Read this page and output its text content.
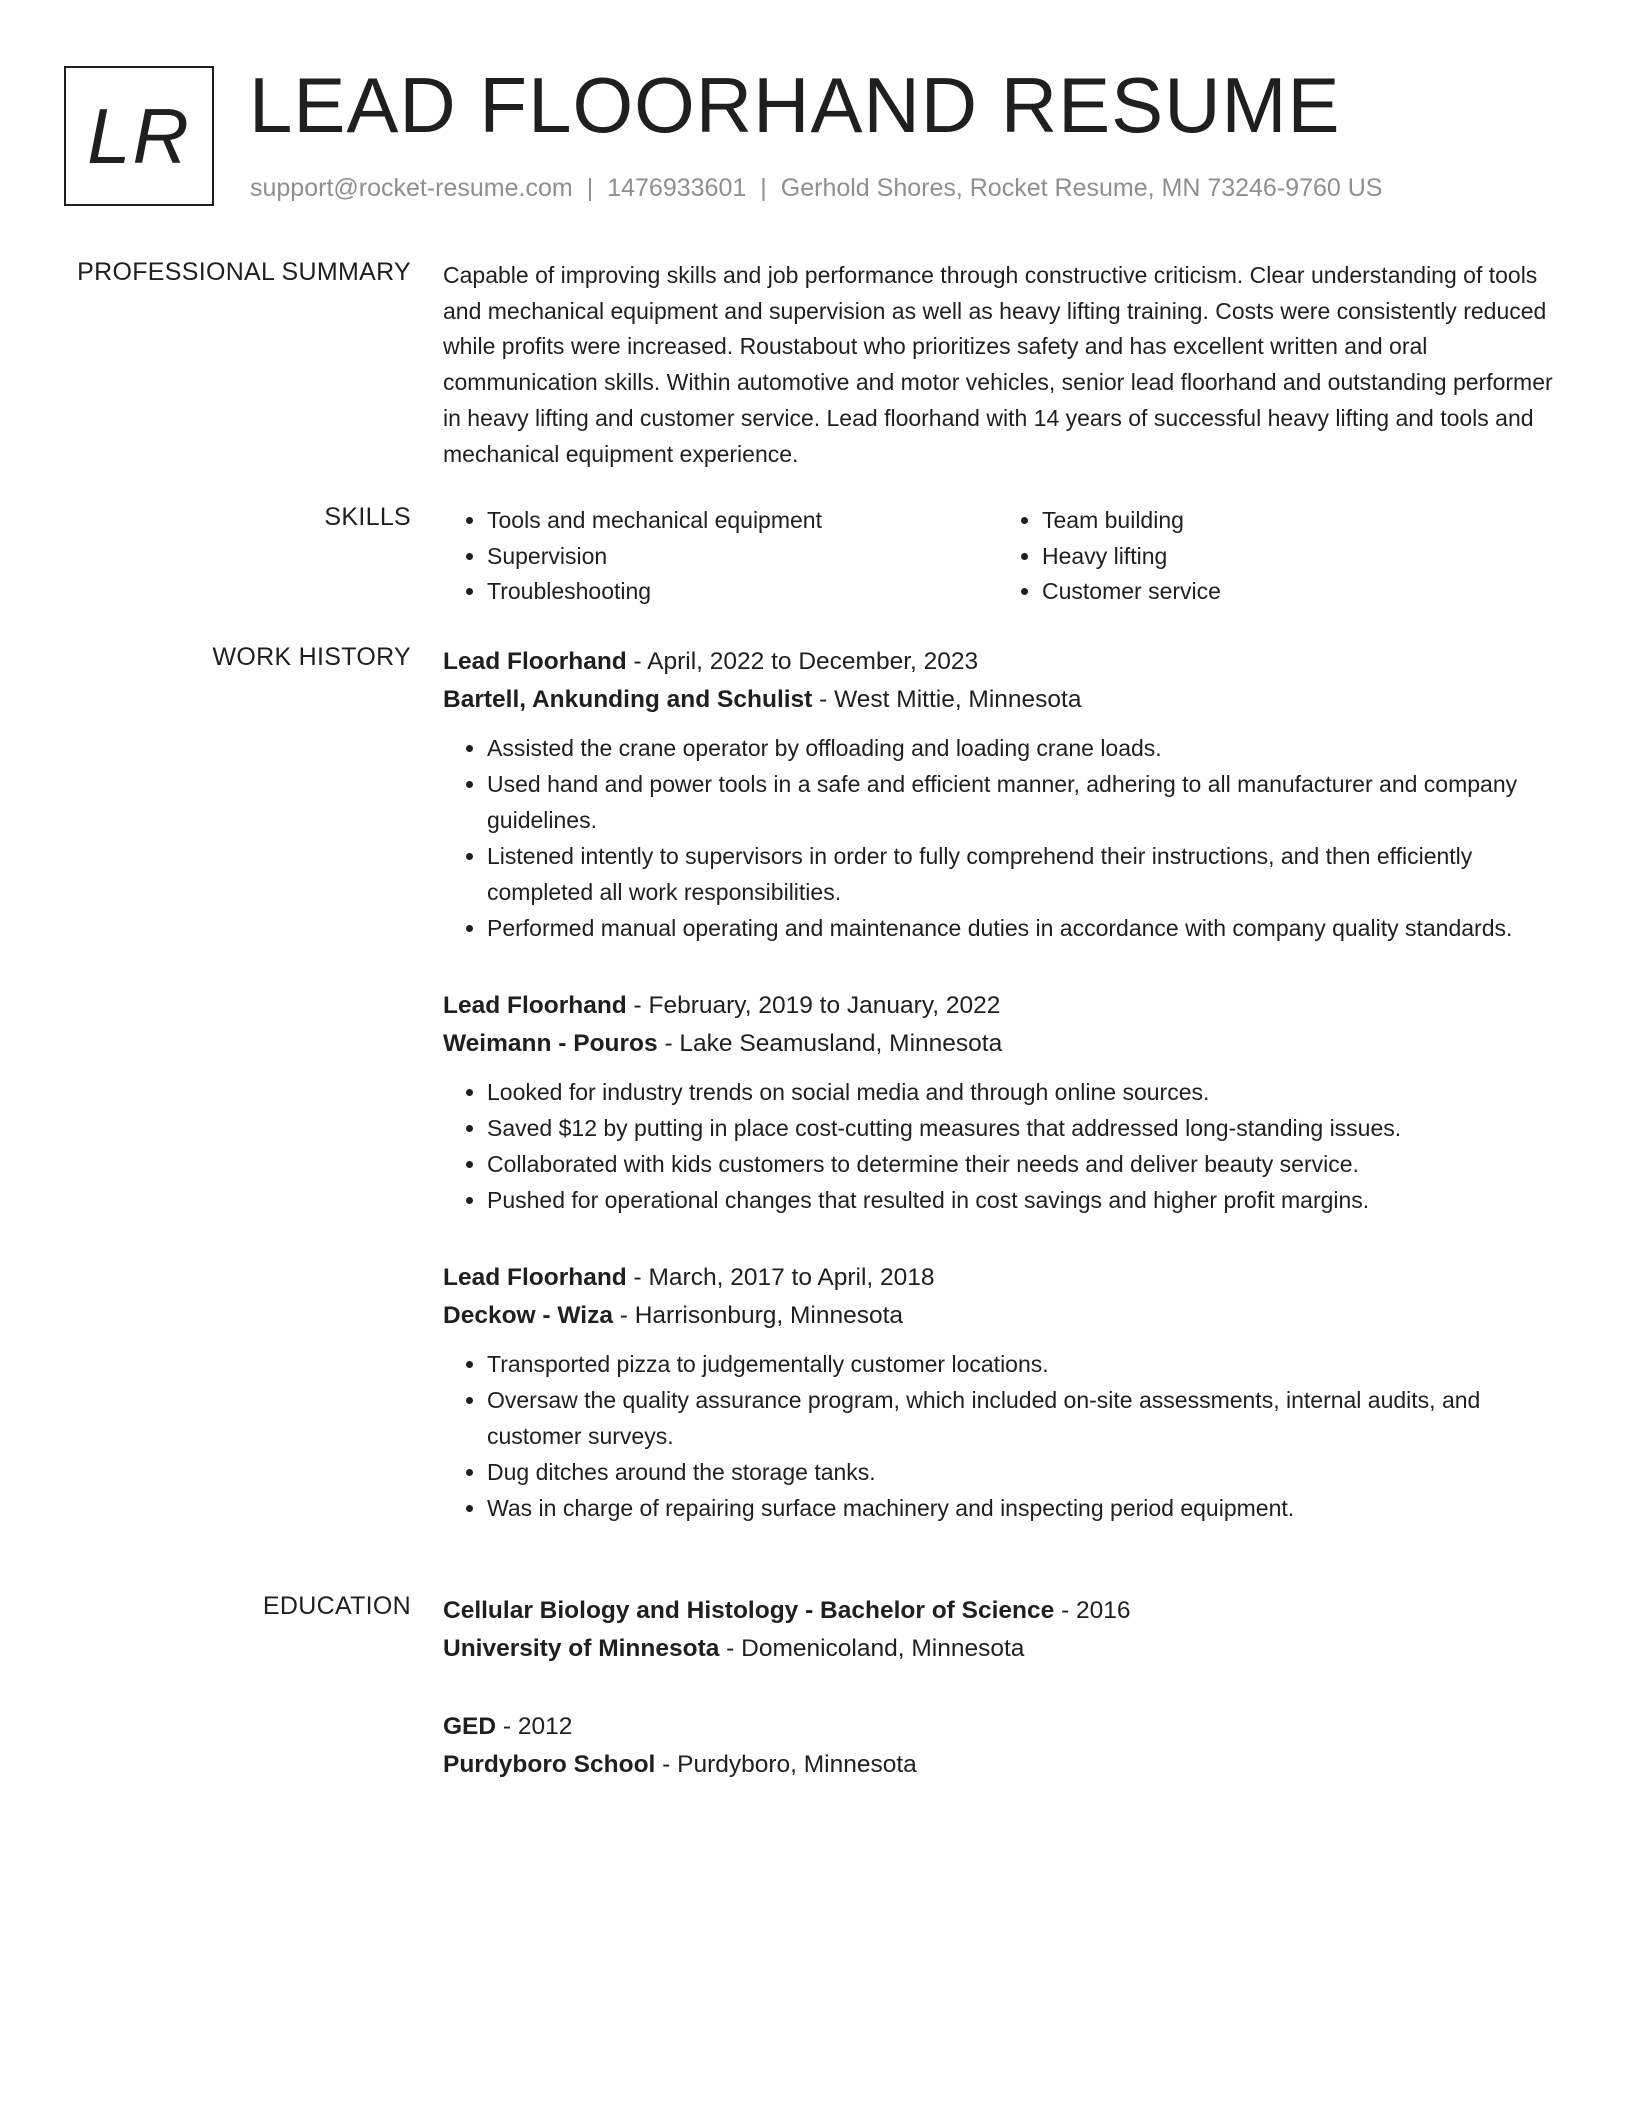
LR LEAD FLOORHAND RESUME
support@rocket-resume.com | 1476933601 | Gerhold Shores, Rocket Resume, MN 73246-9760 US
PROFESSIONAL SUMMARY Capable of improving skills and job performance through constructive criticism. Clear understanding of tools and mechanical equipment and supervision as well as heavy lifting training. Costs were consistently reduced while profits were increased. Roustabout who prioritizes safety and has excellent written and oral communication skills. Within automotive and motor vehicles, senior lead floorhand and outstanding performer in heavy lifting and customer service. Lead floorhand with 14 years of successful heavy lifting and tools and mechanical equipment experience.

SKILLS
•	Tools and mechanical equipment
• Supervision
• Troubleshooting
• Team building
• Heavy lifting
• Customer service
WORK HISTORY Lead Floorhand - April, 2022 to December, 2023
Bartell, Ankunding and Schulist - West Mittie, Minnesota
• Assisted the crane operator by offloading and loading crane loads.
• Used hand and power tools in a safe and efficient manner, adhering to all manufacturer and company guidelines.
• Listened intently to supervisors in order to fully comprehend their instructions, and then efficiently completed all work responsibilities.
• Performed manual operating and maintenance duties in accordance with company quality standards.
Lead Floorhand - February, 2019 to January, 2022
Weimann - Pouros - Lake Seamusland, Minnesota
• Looked for industry trends on social media and through online sources.
• Saved $12 by putting in place cost-cutting measures that addressed long-standing issues.
• Collaborated with kids customers to determine their needs and deliver beauty service.
• Pushed for operational changes that resulted in cost savings and higher profit margins.
Lead Floorhand - March, 2017 to April, 2018
Deckow - Wiza - Harrisonburg, Minnesota
• Transported pizza to judgementally customer locations.
• Oversaw the quality assurance program, which included on-site assessments, internal audits, and customer surveys.
• Dug ditches around the storage tanks.
• Was in charge of repairing surface machinery and inspecting period equipment.
EDUCATION Cellular Biology and Histology - Bachelor of Science - 2016
University of Minnesota - Domenicoland, Minnesota
GED - 2012
Purdyboro School - Purdyboro, Minnesota
